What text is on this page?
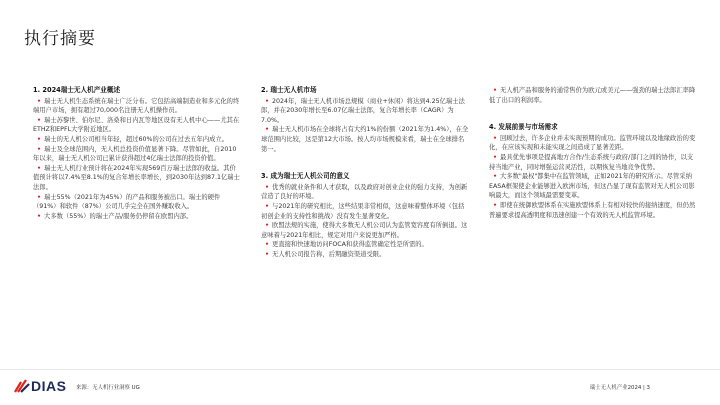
执行摘要
1. 2024瑞士无人机产业概述
• 瑞士无人机生态系统在瑞士广泛分布。它包括高端制造业和多元化的终端用户市场，拥有超过70,000名注册无人机操作员。
• 瑞士苏黎世、伯尔尼、洛桑和日内瓦等地区设有无人机中心——尤其在ETHZ和EPFL大学附近地区。
• 瑞士的无人机公司相当年轻，超过60%的公司在过去五年内成立。
• 瑞士及全球范围内，无人机总投资价值显著下降。尽管如此，自2010年以来，瑞士无人机公司已累计获得超过4亿瑞士法郎的投资价值。
• 瑞士无人机行业预计将在2024年实现569百万瑞士法郎的收益。其价值预计将以7.4%至8.1%的复合年增长率增长，到2030年达到87.1亿瑞士法郎。
• 瑞士55%（2021年为45%）的产品和服务被出口。瑞士的硬件（91%）和软件（87%）公司几乎完全在国外赚取收入。
• 大多数（55%）的瑞士产品/服务仍停留在欧盟内部。
2. 瑞士无人机市场
• 2024年，瑞士无人机市场总规模（商业+休闲）将达到4.25亿瑞士法郎，并在2030年增长至6.07亿瑞士法郎，复合年增长率（CAGR）为7.0%。
• 瑞士无人机市场在全球将占有大约1%的份额（2021年为1.4%），在全球范围内比较，这是第12大市场。按人均市场规模来看，瑞士在全球排名第一。
3. 成为瑞士无人机公司的意义
• 优秀的就业条件和人才获取，以及政府对创业企业的强力支持，为创新营造了良好的环境。
• 与2021年的研究相比，这些结果非常相似，这意味着整体环境（包括初创企业的支持性和挑战）没有发生显著变化。
• 欧盟法规的实施，使得大多数无人机公司认为监管宽容度有所倒退。这意味着与2021年相比，规定对用户来说更加严格。
• 更直接和快速地访问FOCA和获得监管确定性是所需的。
• 无人机公司报告称，后期融资渠道受限。
• 无人机产品和服务的通常售价为欧元或美元——强劲的瑞士法郎汇率降低了出口的利润率。
4. 发展前景与市场需求
• 回顾过去，许多企业并未实现预期的成功。监管环境以及地缘政治的变化，在应该实现和未能实现之间造成了显著差距。
• 最具优先事项是提高地方合作/生态系统与政府/部门之间的协作，以支持当地产业，同时增强运营灵活性，以期恢复当地竞争优势。
• 大多数"最权"都集中在监管领域，正如2021年的研究所示。尽管采纳EASA框架使企业能够进入欧洲市场，但这凸显了现有监管对无人机公司影响最大，而这个领域最需要变革。
• 即使在统御欧盟体系在实施欧盟体系上有相对较快的接纳速度，但仍然普遍要求提高透明度和迅速创建一个有效的无人机监管环境。
DIAS 来源：无人机行业洞察 UG	瑞士无人机产业2024 | 3
